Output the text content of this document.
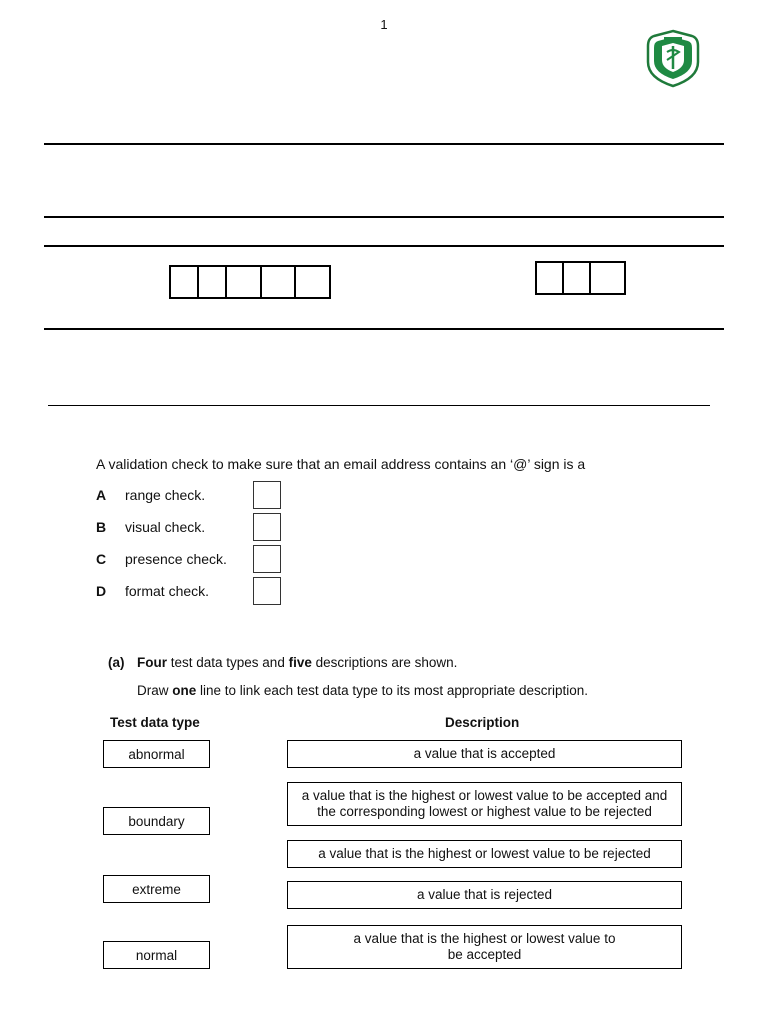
1
A validation check to make sure that an email address contains an ‘@’ sign is a
A	range check.
B	visual check.
C	presence check.
D	format check.
(a) Four test data types and five descriptions are shown.
Draw one line to link each test data type to its most appropriate description.
Test data type	Description
abnormal
boundary
extreme
normal
a value that is accepted
a value that is the highest or lowest value to be accepted and the corresponding lowest or highest value to be rejected
a value that is the highest or lowest value to be rejected
a value that is rejected
a value that is the highest or lowest value to be accepted
